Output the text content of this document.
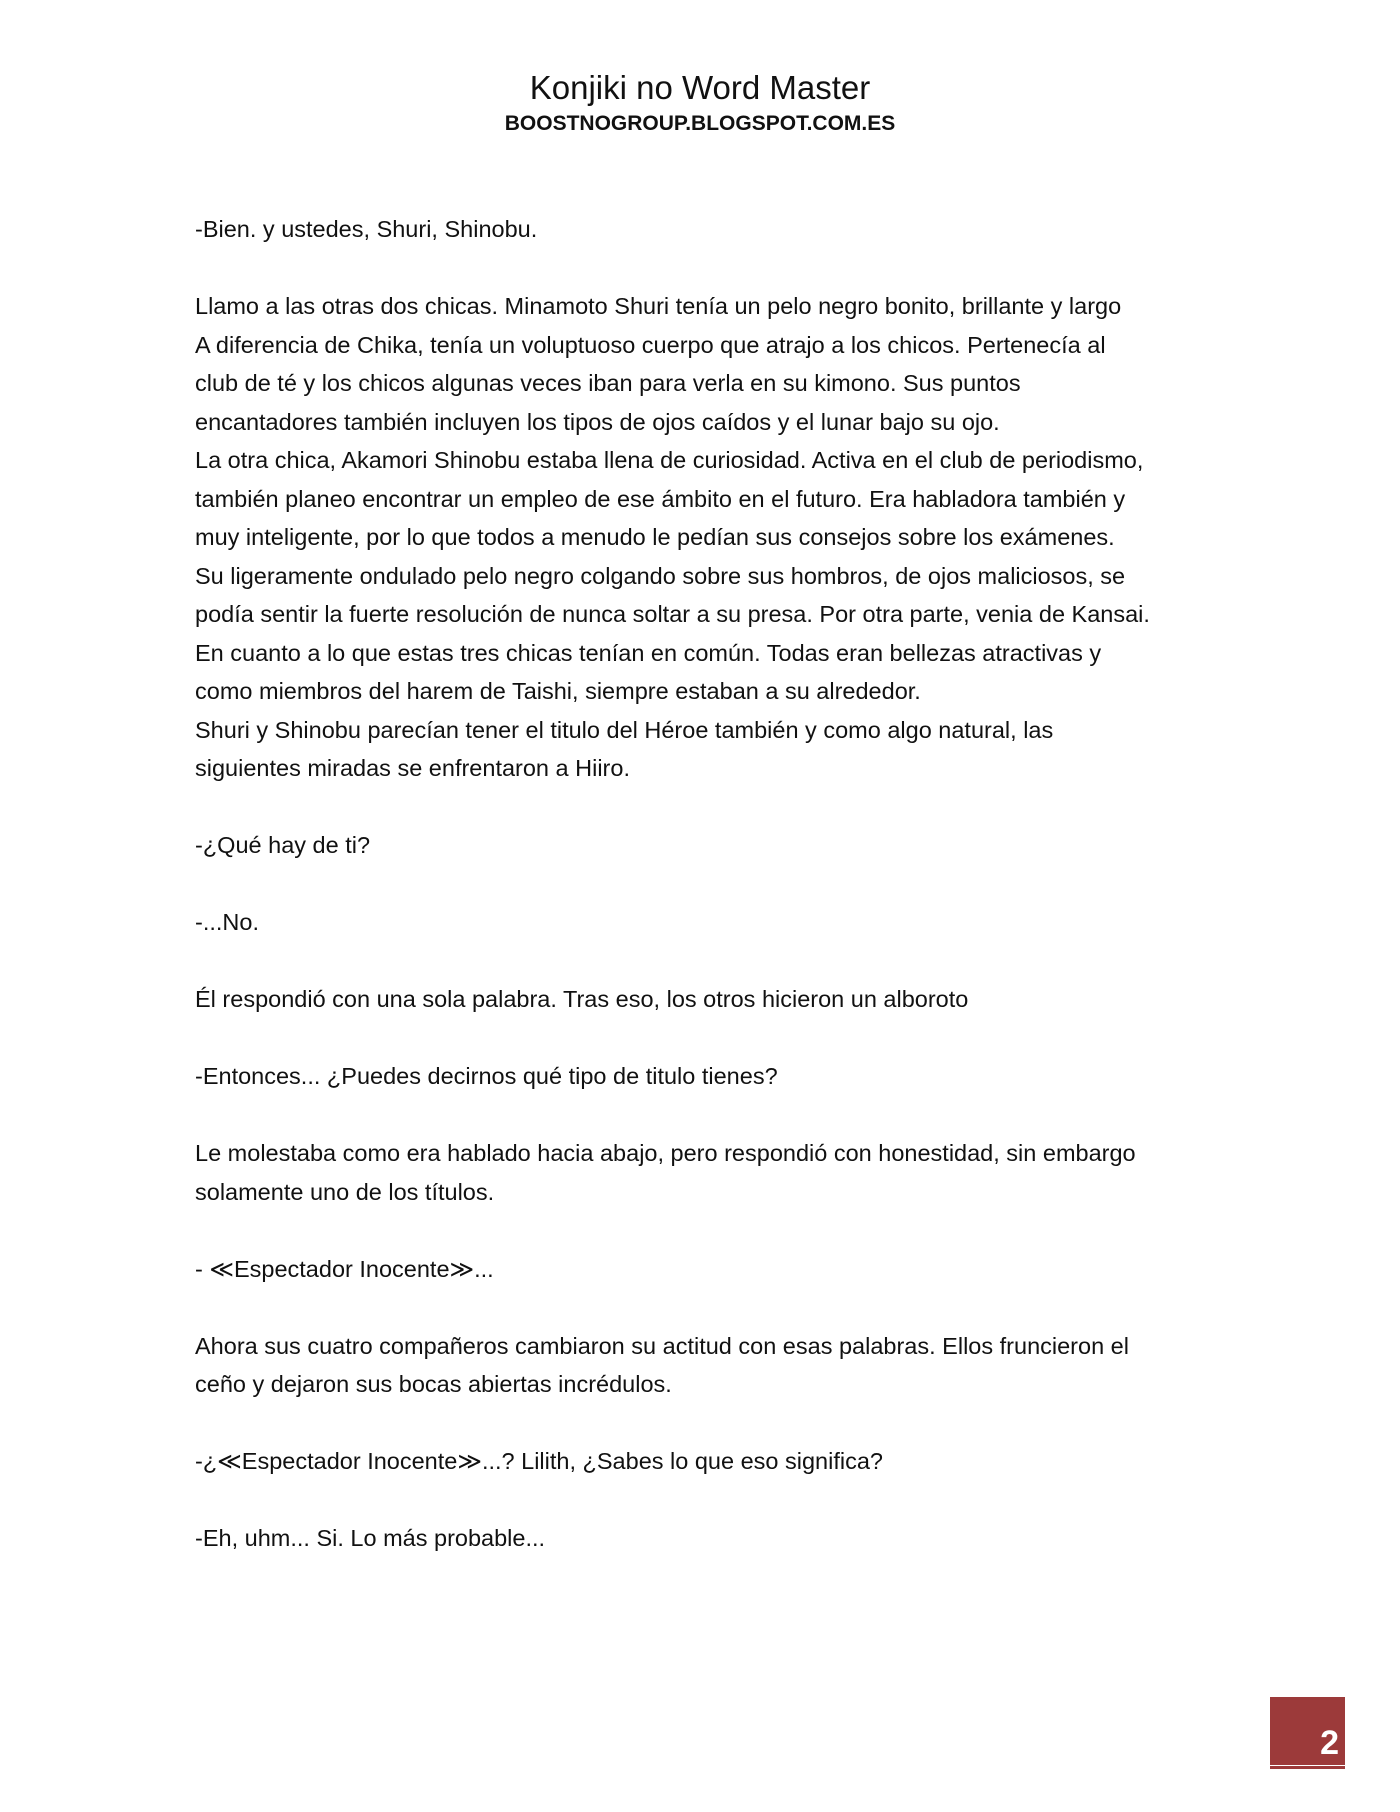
Konjiki no Word Master
BOOSTNOGROUP.BLOGSPOT.COM.ES

-Bien. y ustedes, Shuri, Shinobu.

Llamo a las otras dos chicas. Minamoto Shuri tenía un pelo negro bonito, brillante y largo
A diferencia de Chika, tenía un voluptuoso cuerpo que atrajo a los chicos. Pertenecía al
club de té y los chicos algunas veces iban para verla en su kimono. Sus puntos
encantadores también incluyen los tipos de ojos caídos y el lunar bajo su ojo.
La otra chica, Akamori Shinobu estaba llena de curiosidad. Activa en el club de periodismo,
también planeo encontrar un empleo de ese ámbito en el futuro. Era habladora también y
muy inteligente, por lo que todos a menudo le pedían sus consejos sobre los exámenes.
Su ligeramente ondulado pelo negro colgando sobre sus hombros, de ojos maliciosos, se
podía sentir la fuerte resolución de nunca soltar a su presa. Por otra parte, venia de Kansai.
En cuanto a lo que estas tres chicas tenían en común. Todas eran bellezas atractivas y
como miembros del harem de Taishi, siempre estaban a su alrededor.
Shuri y Shinobu parecían tener el titulo del Héroe también y como algo natural, las
siguientes miradas se enfrentaron a Hiiro.

-¿Qué hay de ti?

-...No.

Él respondió con una sola palabra. Tras eso, los otros hicieron un alboroto

-Entonces... ¿Puedes decirnos qué tipo de titulo tienes?

Le molestaba como era hablado hacia abajo, pero respondió con honestidad, sin embargo
solamente uno de los títulos.

- ≪Espectador Inocente≫...

Ahora sus cuatro compañeros cambiaron su actitud con esas palabras. Ellos fruncieron el
ceño y dejaron sus bocas abiertas incrédulos.

-¿≪Espectador Inocente≫...? Lilith, ¿Sabes lo que eso significa?

-Eh, uhm... Si. Lo más probable...

2
